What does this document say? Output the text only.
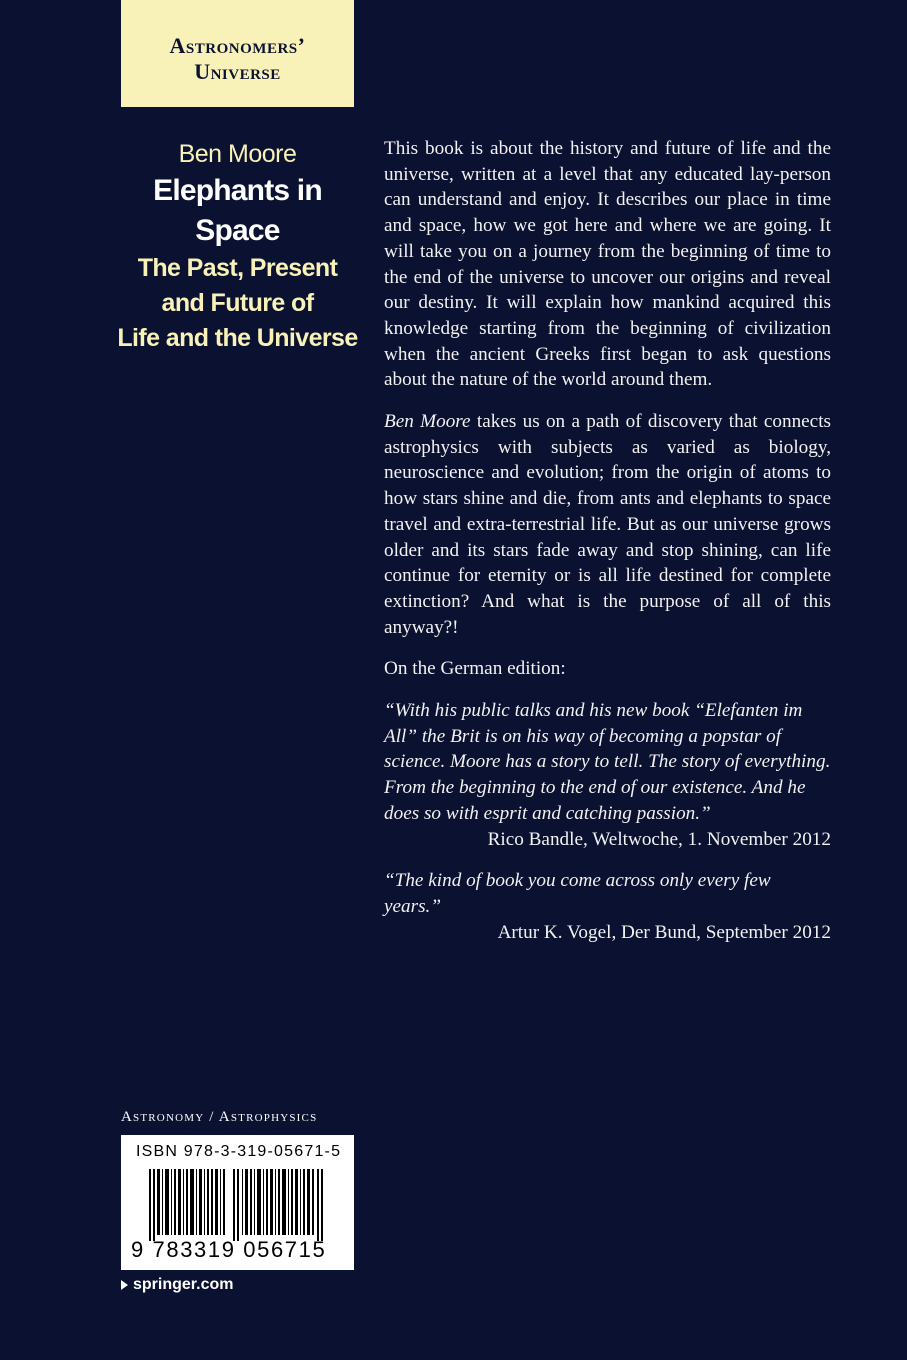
Astronomers’
Universe
Ben Moore
Elephants in Space
The Past, Present
and Future of
Life and the Universe

This book is about the history and future of life and the universe, written at a level that any educated lay-person can understand and enjoy. It describes our place in time and space, how we got here and where we are going. It will take you on a journey from the beginning of time to the end of the universe to uncover our origins and reveal our destiny. It will explain how mankind acquired this knowledge starting from the beginning of civilization when the ancient Greeks first began to ask questions about the nature of the world around them.

Ben Moore takes us on a path of discovery that connects astrophysics with subjects as varied as biology, neuroscience and evolution; from the origin of atoms to how stars shine and die, from ants and elephants to space travel and extra-terrestrial life. But as our universe grows older and its stars fade away and stop shining, can life continue for eternity or is all life destined for complete extinction? And what is the purpose of all of this anyway?!

On the German edition:

“With his public talks and his new book “Elefanten im All” the Brit is on his way of becoming a popstar of science. Moore has a story to tell. The story of everything. From the beginning to the end of our existence. And he does so with esprit and catching passion.”

Rico Bandle, Weltwoche, 1. November 2012

“The kind of book you come across only every few years.”

Artur K. Vogel, Der Bund, September 2012

Astronomy / Astrophysics
ISBN 978-3-319-05671-5
9 783319 056715
springer.com
